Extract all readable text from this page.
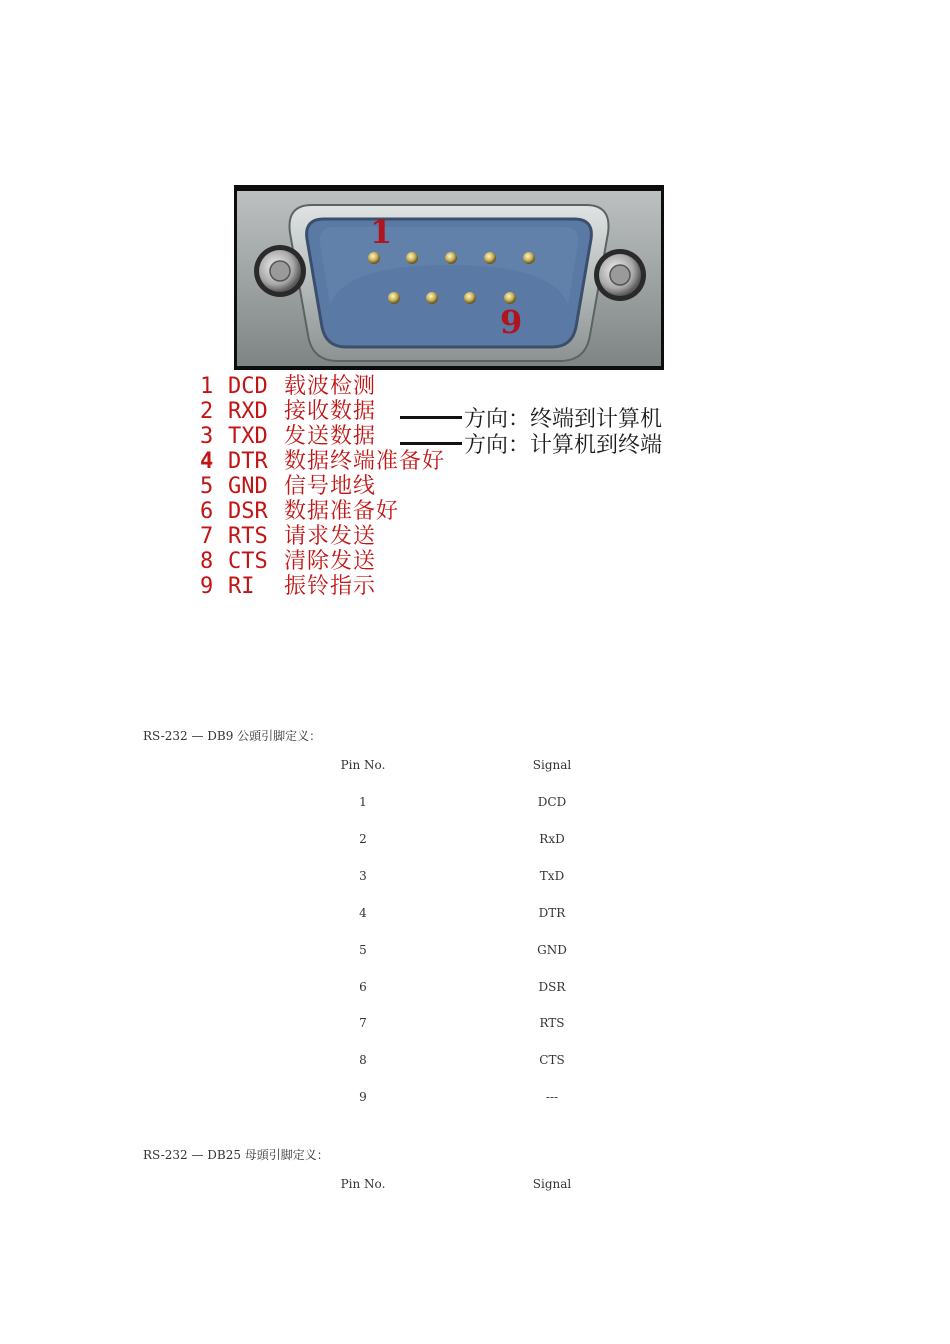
1
9
1 DCD 载波检测
2 RXD 接收数据
3 TXD 发送数据
4 DTR 数据终端准备好
5 GND 信号地线
6 DSR 数据准备好
7 RTS 请求发送
8 CTS 清除发送
9 RI	振铃指示
方向：终端到计算机
方向：计算机到终端
RS-232 — DB9 公頭引脚定义：
Pin No.	Signal
1	DCD
2	RxD
3	TxD
4	DTR
5	GND
6	DSR
7	RTS
8	CTS
9	---
RS-232 — DB25 母頭引脚定义：
Pin No.	Signal
